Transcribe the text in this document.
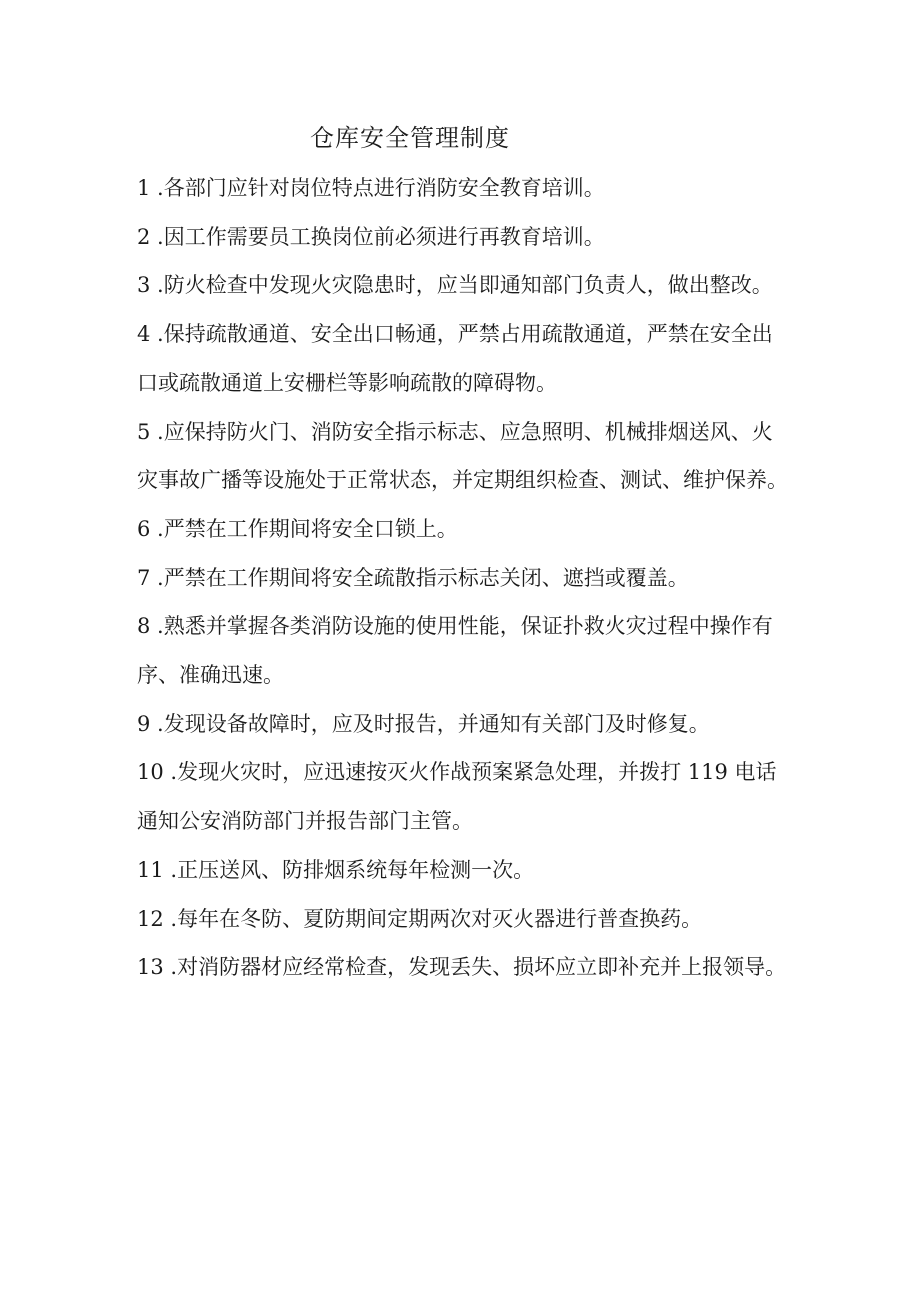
仓库安全管理制度
1 .各部门应针对岗位特点进行消防安全教育培训。
2 .因工作需要员工换岗位前必须进行再教育培训。
3 .防火检查中发现火灾隐患时，应当即通知部门负责人，做出整改。
4 .保持疏散通道、安全出口畅通，严禁占用疏散通道，严禁在安全出口或疏散通道上安栅栏等影响疏散的障碍物。
5 .应保持防火门、消防安全指示标志、应急照明、机械排烟送风、火灾事故广播等设施处于正常状态，并定期组织检查、测试、维护保养。
6 .严禁在工作期间将安全口锁上。
7 .严禁在工作期间将安全疏散指示标志关闭、遮挡或覆盖。
8 .熟悉并掌握各类消防设施的使用性能，保证扑救火灾过程中操作有序、准确迅速。
9 .发现设备故障时，应及时报告，并通知有关部门及时修复。
10 .发现火灾时，应迅速按灭火作战预案紧急处理，并拨打 119 电话通知公安消防部门并报告部门主管。
11 .正压送风、防排烟系统每年检测一次。
12 .每年在冬防、夏防期间定期两次对灭火器进行普查换药。
13 .对消防器材应经常检查，发现丢失、损坏应立即补充并上报领导。
